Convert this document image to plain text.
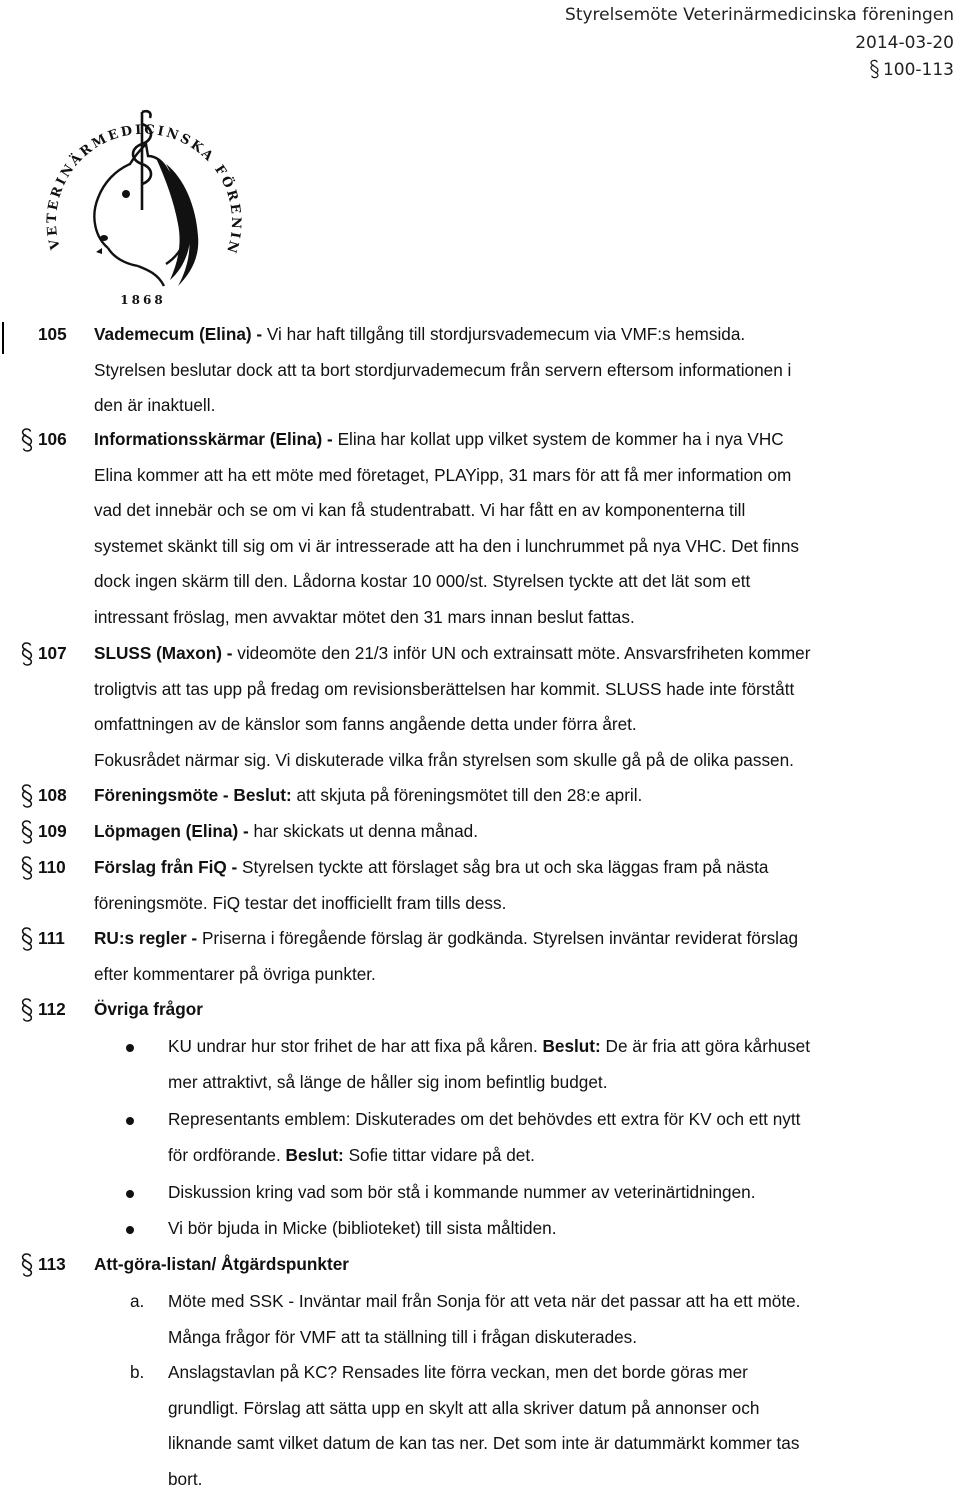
Styrelsemöte Veterinärmedicinska föreningen
2014-03-20
100-113
VETERINÄRMEDICINSKA FÖRENIN
1868
105 Vademecum (Elina) - Vi har haft tillgång till stordjursvademecum via VMF:s hemsida.
Styrelsen beslutar dock att ta bort stordjurvademecum från servern eftersom informationen i
den är inaktuell.
106 Informationsskärmar (Elina) - Elina har kollat upp vilket system de kommer ha i nya VHC
Elina kommer att ha ett möte med företaget, PLAYipp, 31 mars för att få mer information om
vad det innebär och se om vi kan få studentrabatt. Vi har fått en av komponenterna till
systemet skänkt till sig om vi är intresserade att ha den i lunchrummet på nya VHC. Det finns
dock ingen skärm till den. Lådorna kostar 10 000/st. Styrelsen tyckte att det lät som ett
intressant fröslag, men avvaktar mötet den 31 mars innan beslut fattas.
107 SLUSS (Maxon) - videomöte den 21/3 inför UN och extrainsatt möte. Ansvarsfriheten kommer
troligtvis att tas upp på fredag om revisionsberättelsen har kommit. SLUSS hade inte förstått
omfattningen av de känslor som fanns angående detta under förra året.
Fokusrådet närmar sig. Vi diskuterade vilka från styrelsen som skulle gå på de olika passen.
108 Föreningsmöte - Beslut: att skjuta på föreningsmötet till den 28:e april.
109 Löpmagen (Elina) - har skickats ut denna månad.
110 Förslag från FiQ - Styrelsen tyckte att förslaget såg bra ut och ska läggas fram på nästa
föreningsmöte. FiQ testar det inofficiellt fram tills dess.
111 RU:s regler - Priserna i föregående förslag är godkända. Styrelsen inväntar reviderat förslag
efter kommentarer på övriga punkter.
112 Övriga frågor
KU undrar hur stor frihet de har att fixa på kåren. Beslut: De är fria att göra kårhuset
mer attraktivt, så länge de håller sig inom befintlig budget.
Representants emblem: Diskuterades om det behövdes ett extra för KV och ett nytt
för ordförande. Beslut: Sofie tittar vidare på det.
Diskussion kring vad som bör stå i kommande nummer av veterinärtidningen.
Vi bör bjuda in Micke (biblioteket) till sista måltiden.
113 Att-göra-listan/ Åtgärdspunkter
a. Möte med SSK - Inväntar mail från Sonja för att veta när det passar att ha ett möte.
Många frågor för VMF att ta ställning till i frågan diskuterades.
b. Anslagstavlan på KC? Rensades lite förra veckan, men det borde göras mer
grundligt. Förslag att sätta upp en skylt att alla skriver datum på annonser och
liknande samt vilket datum de kan tas ner. Det som inte är datummärkt kommer tas
bort.
